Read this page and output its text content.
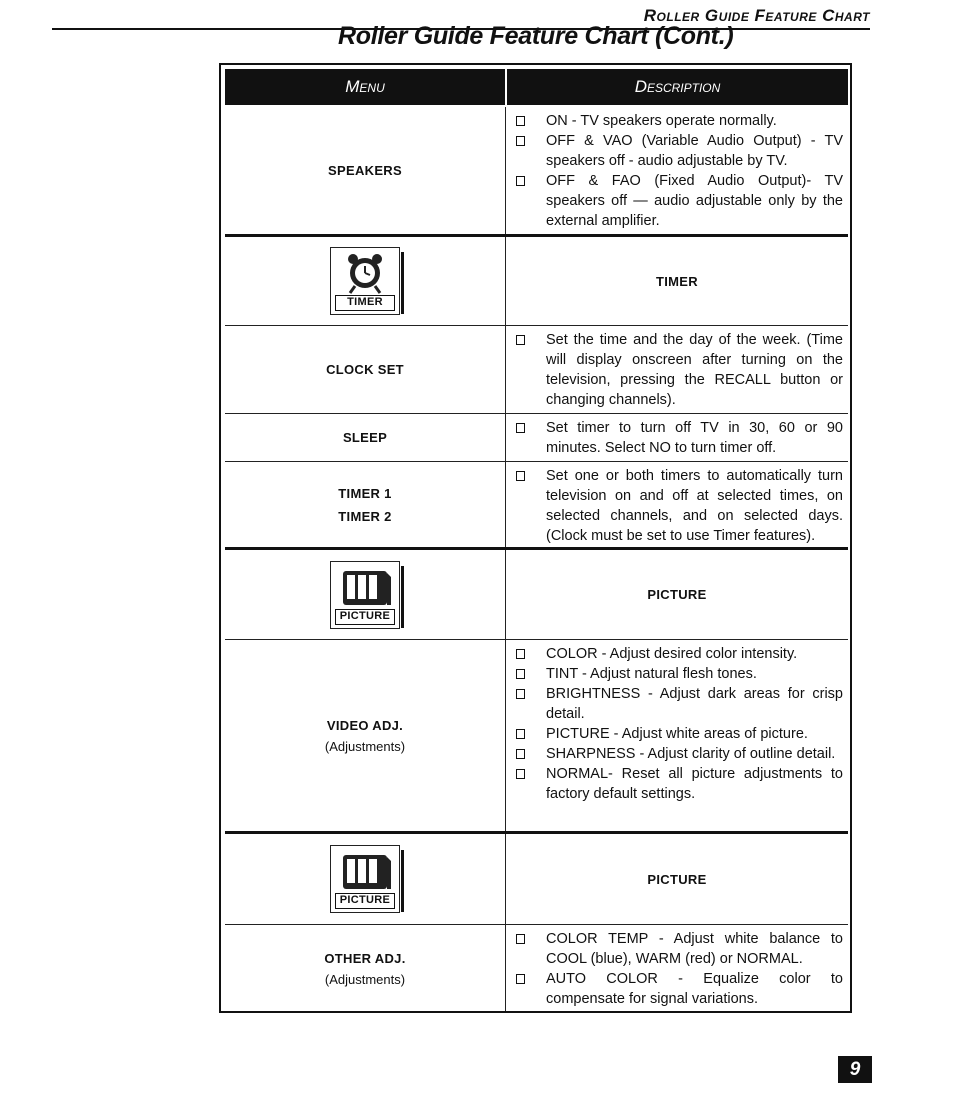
Roller Guide Feature Chart
Roller Guide Feature Chart (Cont.)
Menu	Description
SPEAKERS
ON - TV speakers operate normally.
OFF & VAO (Variable Audio Output) - TV speakers off - audio adjustable by TV.
OFF & FAO (Fixed Audio Output)- TV speakers off — audio adjustable only by the external amplifier.
TIMER
TIMER
CLOCK SET
Set the time and the day of the week. (Time will display onscreen after turning on the television, pressing the RECALL button or changing channels).
SLEEP
Set timer to turn off TV in 30, 60 or 90 minutes. Select NO to turn timer off.
TIMER 1
TIMER 2
Set one or both timers to automatically turn television on and off at selected times, on selected channels, and on selected days. (Clock must be set to use Timer features).
PICTURE
PICTURE
VIDEO ADJ.
(Adjustments)
COLOR - Adjust desired color intensity.
TINT - Adjust natural flesh tones.
BRIGHTNESS - Adjust dark areas for crisp detail.
PICTURE - Adjust white areas of picture.
SHARPNESS - Adjust clarity of outline detail.
NORMAL- Reset all picture adjustments to factory default settings.
PICTURE
PICTURE
OTHER ADJ.
(Adjustments)
COLOR TEMP - Adjust white balance to COOL (blue), WARM (red) or NORMAL.
AUTO COLOR - Equalize color to compensate for signal variations.
9
